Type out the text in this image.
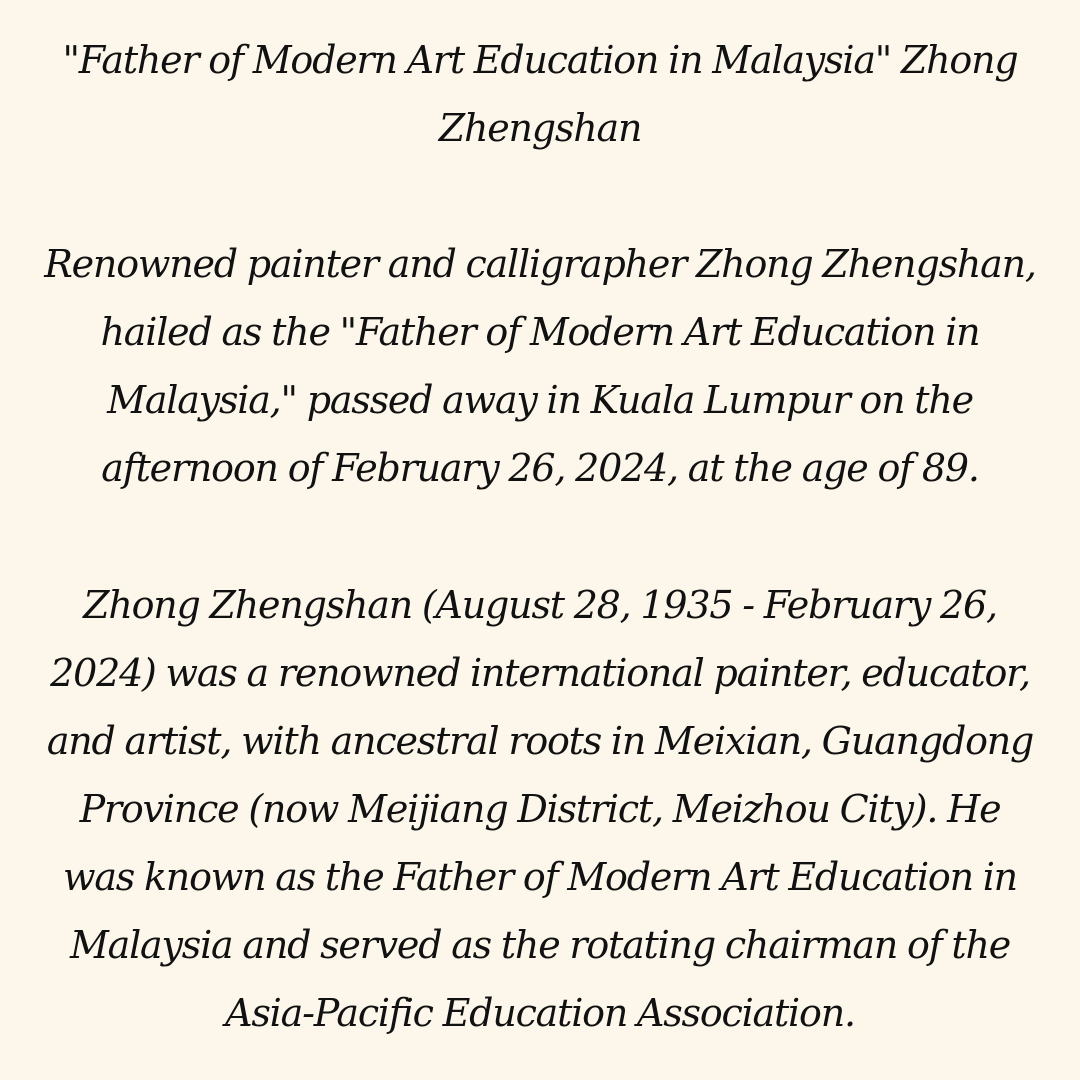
"Father of Modern Art Education in Malaysia" Zhong Zhengshan

Renowned painter and calligrapher Zhong Zhengshan, hailed as the "Father of Modern Art Education in Malaysia," passed away in Kuala Lumpur on the afternoon of February 26, 2024, at the age of 89.

Zhong Zhengshan (August 28, 1935 - February 26, 2024) was a renowned international painter, educator, and artist, with ancestral roots in Meixian, Guangdong Province (now Meijiang District, Meizhou City). He was known as the Father of Modern Art Education in Malaysia and served as the rotating chairman of the Asia-Pacific Education Association.
